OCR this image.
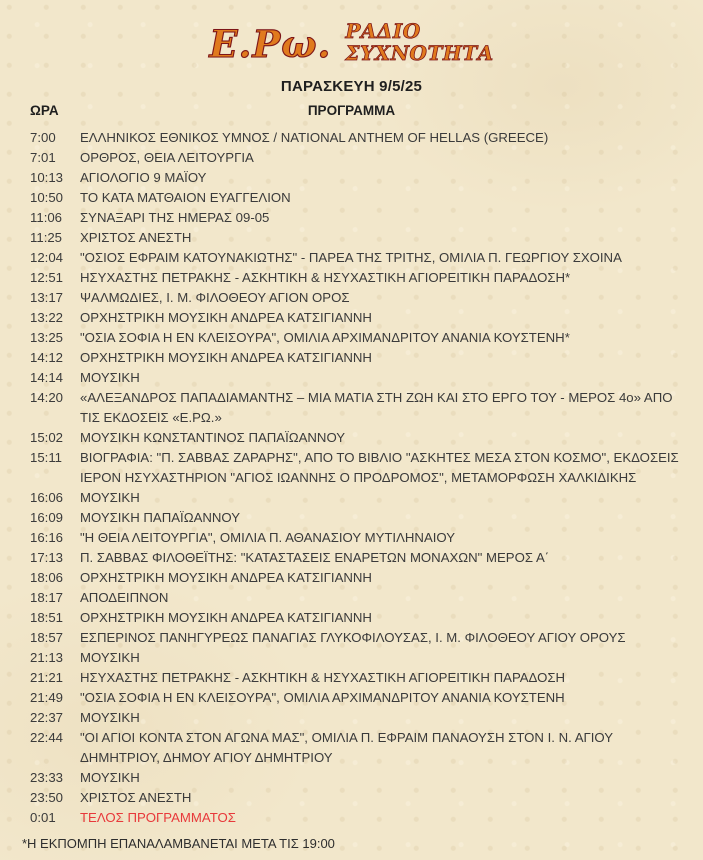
Ε.Ρω. ΡΑΔΙΟ
ΣΥΧΝΟΤΗΤΑ
ΠΑΡΑΣΚΕΥΗ 9/5/25
ΩΡΑ	ΠΡΟΓΡΑΜΜΑ
7:00	ΕΛΛΗΝΙΚΟΣ ΕΘΝΙΚΟΣ ΥΜΝΟΣ / NATIONAL ANTHEM OF HELLAS (GREECE)
7:01	ΟΡΘΡΟΣ, ΘΕΙΑ ΛΕΙΤΟΥΡΓΙΑ
10:13	ΑΓΙΟΛΟΓΙΟ 9 ΜΑΪΟΥ
10:50	ΤΟ ΚΑΤΑ ΜΑΤΘΑΙΟΝ ΕΥΑΓΓΕΛΙΟΝ
11:06	ΣΥΝΑΞΑΡΙ ΤΗΣ ΗΜΕΡΑΣ 09-05
11:25	ΧΡΙΣΤΟΣ ΑΝΕΣΤΗ
12:04	"ΟΣΙΟΣ ΕΦΡΑΙΜ ΚΑΤΟΥΝΑΚΙΩΤΗΣ" - ΠΑΡΕΑ ΤΗΣ ΤΡΙΤΗΣ, ΟΜΙΛΙΑ Π. ΓΕΩΡΓΙΟΥ ΣΧΟΙΝΑ
12:51	ΗΣΥΧΑΣΤΗΣ ΠΕΤΡΑΚΗΣ - ΑΣΚΗΤΙΚΗ & ΗΣΥΧΑΣΤΙΚΗ ΑΓΙΟΡΕΙΤΙΚΗ ΠΑΡΑΔΟΣΗ*
13:17	ΨΑΛΜΩΔΙΕΣ, Ι. Μ. ΦΙΛΟΘΕΟΥ ΑΓΙΟΝ ΟΡΟΣ
13:22	ΟΡΧΗΣΤΡΙΚΗ ΜΟΥΣΙΚΗ ΑΝΔΡΕΑ ΚΑΤΣΙΓΙΑΝΝΗ
13:25	"ΟΣΙΑ ΣΟΦΙΑ Η ΕΝ ΚΛΕΙΣΟΥΡΑ", ΟΜΙΛΙΑ ΑΡΧΙΜΑΝΔΡΙΤΟΥ ΑΝΑΝΙΑ ΚΟΥΣΤΕΝΗ*
14:12	ΟΡΧΗΣΤΡΙΚΗ ΜΟΥΣΙΚΗ ΑΝΔΡΕΑ ΚΑΤΣΙΓΙΑΝΝΗ
14:14	ΜΟΥΣΙΚΗ
14:20	«ΑΛΕΞΑΝΔΡΟΣ ΠΑΠΑΔΙΑΜΑΝΤΗΣ – ΜΙΑ ΜΑΤΙΑ ΣΤΗ ΖΩΗ ΚΑΙ ΣΤΟ ΕΡΓΟ ΤΟΥ - ΜΕΡΟΣ 4ο» ΑΠΟ ΤΙΣ ΕΚΔΟΣΕΙΣ «Ε.ΡΩ.»
15:02	ΜΟΥΣΙΚΗ ΚΩΝΣΤΑΝΤΙΝΟΣ ΠΑΠΑΪΩΑΝΝΟΥ
15:11	ΒΙΟΓΡΑΦΙΑ: "Π. ΣΑΒΒΑΣ ΖΑΡΑΡΗΣ", ΑΠΟ ΤΟ ΒΙΒΛΙΟ "ΑΣΚΗΤΕΣ ΜΕΣΑ ΣΤΟΝ ΚΟΣΜΟ", ΕΚΔΟΣΕΙΣ ΙΕΡΟΝ ΗΣΥΧΑΣΤΗΡΙΟΝ "ΑΓΙΟΣ ΙΩΑΝΝΗΣ Ο ΠΡΟΔΡΟΜΟΣ", ΜΕΤΑΜΟΡΦΩΣΗ ΧΑΛΚΙΔΙΚΗΣ
16:06	ΜΟΥΣΙΚΗ
16:09	ΜΟΥΣΙΚΗ ΠΑΠΑΪΩΑΝΝΟΥ
16:16	"Η ΘΕΙΑ ΛΕΙΤΟΥΡΓΙΑ", ΟΜΙΛΙΑ Π. ΑΘΑΝΑΣΙΟΥ ΜΥΤΙΛΗΝΑΙΟΥ
17:13	Π. ΣΑΒΒΑΣ ΦΙΛΟΘΕΪΤΗΣ: "ΚΑΤΑΣΤΑΣΕΙΣ ΕΝΑΡΕΤΩΝ ΜΟΝΑΧΩΝ" ΜΕΡΟΣ Α΄
18:06	ΟΡΧΗΣΤΡΙΚΗ ΜΟΥΣΙΚΗ ΑΝΔΡΕΑ ΚΑΤΣΙΓΙΑΝΝΗ
18:17	ΑΠΟΔΕΙΠΝΟΝ
18:51	ΟΡΧΗΣΤΡΙΚΗ ΜΟΥΣΙΚΗ ΑΝΔΡΕΑ ΚΑΤΣΙΓΙΑΝΝΗ
18:57	ΕΣΠΕΡΙΝΟΣ ΠΑΝΗΓΥΡΕΩΣ ΠΑΝΑΓΙΑΣ ΓΛΥΚΟΦΙΛΟΥΣΑΣ, Ι. Μ. ΦΙΛΟΘΕΟΥ ΑΓΙΟΥ ΟΡΟΥΣ
21:13	ΜΟΥΣΙΚΗ
21:21	ΗΣΥΧΑΣΤΗΣ ΠΕΤΡΑΚΗΣ - ΑΣΚΗΤΙΚΗ & ΗΣΥΧΑΣΤΙΚΗ ΑΓΙΟΡΕΙΤΙΚΗ ΠΑΡΑΔΟΣΗ
21:49	"ΟΣΙΑ ΣΟΦΙΑ Η ΕΝ ΚΛΕΙΣΟΥΡΑ", ΟΜΙΛΙΑ ΑΡΧΙΜΑΝΔΡΙΤΟΥ ΑΝΑΝΙΑ ΚΟΥΣΤΕΝΗ
22:37	ΜΟΥΣΙΚΗ
22:44	"ΟΙ ΑΓΙΟΙ ΚΟΝΤΑ ΣΤΟΝ ΑΓΩΝΑ ΜΑΣ", ΟΜΙΛΙΑ Π. ΕΦΡΑΙΜ ΠΑΝΑΟΥΣΗ ΣΤΟΝ Ι. Ν. ΑΓΙΟΥ ΔΗΜΗΤΡΙΟΥ, ΔΗΜΟΥ ΑΓΙΟΥ ΔΗΜΗΤΡΙΟΥ
23:33	ΜΟΥΣΙΚΗ
23:50	ΧΡΙΣΤΟΣ ΑΝΕΣΤΗ
0:01	ΤΕΛΟΣ ΠΡΟΓΡΑΜΜΑΤΟΣ
*Η ΕΚΠΟΜΠΗ ΕΠΑΝΑΛΑΜΒΑΝΕΤΑΙ ΜΕΤΑ ΤΙΣ 19:00
